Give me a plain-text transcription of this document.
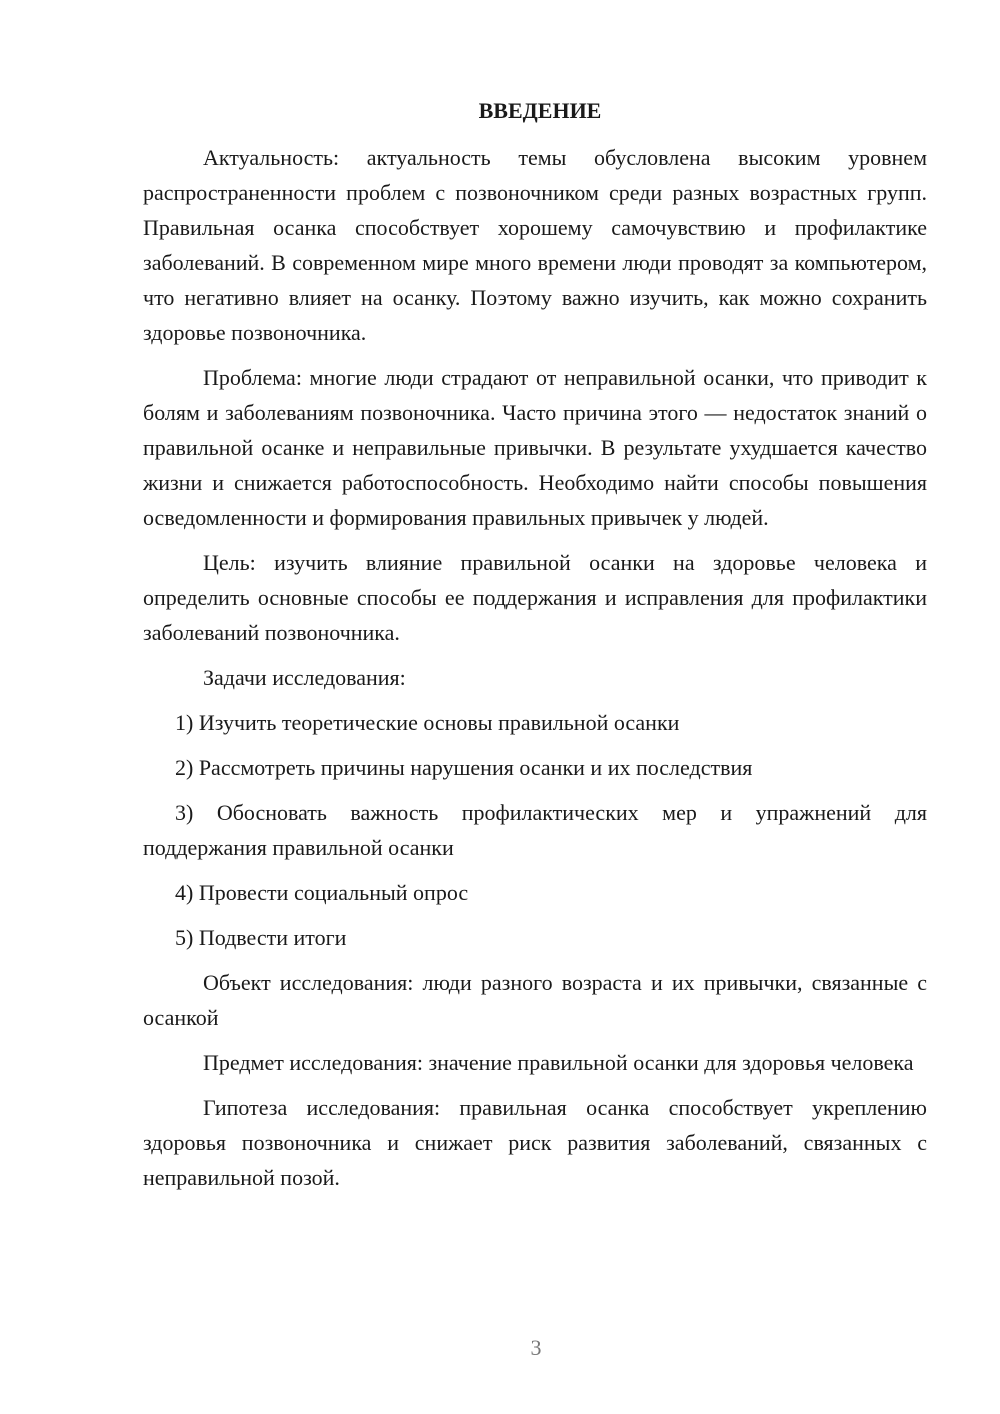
ВВЕДЕНИЕ

Актуальность: актуальность темы обусловлена высоким уровнем распространенности проблем с позвоночником среди разных возрастных групп. Правильная осанка способствует хорошему самочувствию и профилактике заболеваний. В современном мире много времени люди проводят за компьютером, что негативно влияет на осанку. Поэтому важно изучить, как можно сохранить здоровье позвоночника.

Проблема: многие люди страдают от неправильной осанки, что приводит к болям и заболеваниям позвоночника. Часто причина этого — недостаток знаний о правильной осанке и неправильные привычки. В результате ухудшается качество жизни и снижается работоспособность. Необходимо найти способы повышения осведомленности и формирования правильных привычек у людей.

Цель: изучить влияние правильной осанки на здоровье человека и определить основные способы ее поддержания и исправления для профилактики заболеваний позвоночника.

Задачи исследования:

1) Изучить теоретические основы правильной осанки

2) Рассмотреть причины нарушения осанки и их последствия

3) Обосновать важность профилактических мер и упражнений для поддержания правильной осанки

4) Провести социальный опрос

5) Подвести итоги

Объект исследования: люди разного возраста и их привычки, связанные с осанкой

Предмет исследования: значение правильной осанки для здоровья человека

Гипотеза исследования: правильная осанка способствует укреплению здоровья позвоночника и снижает риск развития заболеваний, связанных с неправильной позой.

3
